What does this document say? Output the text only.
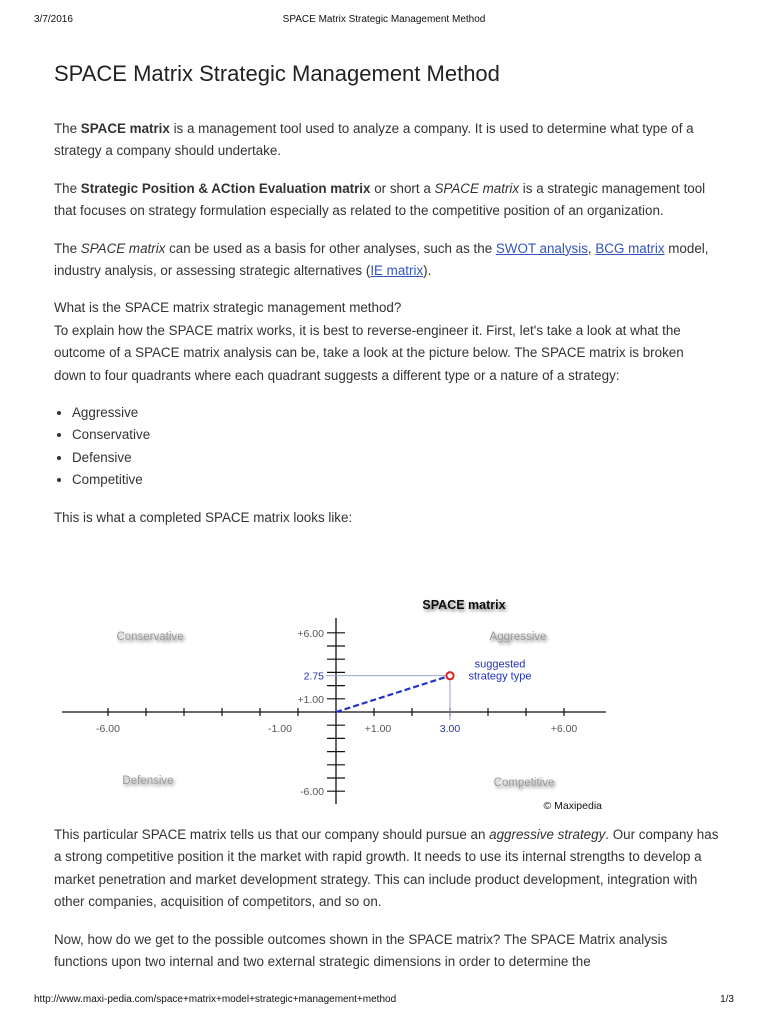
3/7/2016	SPACE Matrix Strategic Management Method
SPACE Matrix Strategic Management Method

The SPACE matrix is a management tool used to analyze a company. It is used to determine what type of a strategy a company should undertake.

The Strategic Position & ACtion Evaluation matrix or short a SPACE matrix is a strategic management tool that focuses on strategy formulation especially as related to the competitive position of an organization.

The SPACE matrix can be used as a basis for other analyses, such as the SWOT analysis, BCG matrix model, industry analysis, or assessing strategic alternatives (IE matrix).

What is the SPACE matrix strategic management method?
To explain how the SPACE matrix works, it is best to reverse-engineer it. First, let's take a look at what the outcome of a SPACE matrix analysis can be, take a look at the picture below. The SPACE matrix is broken down to four quadrants where each quadrant suggests a different type or a nature of a strategy:

• Aggressive
• Conservative
• Defensive
• Competitive

This is what a completed SPACE matrix looks like:

SPACE matrix
Conservative	Aggressive
Defensive	Competitive
-6.00	-1.00	+1.00	3.00	+6.00
+6.00
2.75
+1.00
-6.00
suggested
strategy type
© Maxipedia

This particular SPACE matrix tells us that our company should pursue an aggressive strategy. Our company has a strong competitive position it the market with rapid growth. It needs to use its internal strengths to develop a market penetration and market development strategy. This can include product development, integration with other companies, acquisition of competitors, and so on.

Now, how do we get to the possible outcomes shown in the SPACE matrix? The SPACE Matrix analysis functions upon two internal and two external strategic dimensions in order to determine the

http://www.maxi-pedia.com/space+matrix+model+strategic+management+method	1/3
